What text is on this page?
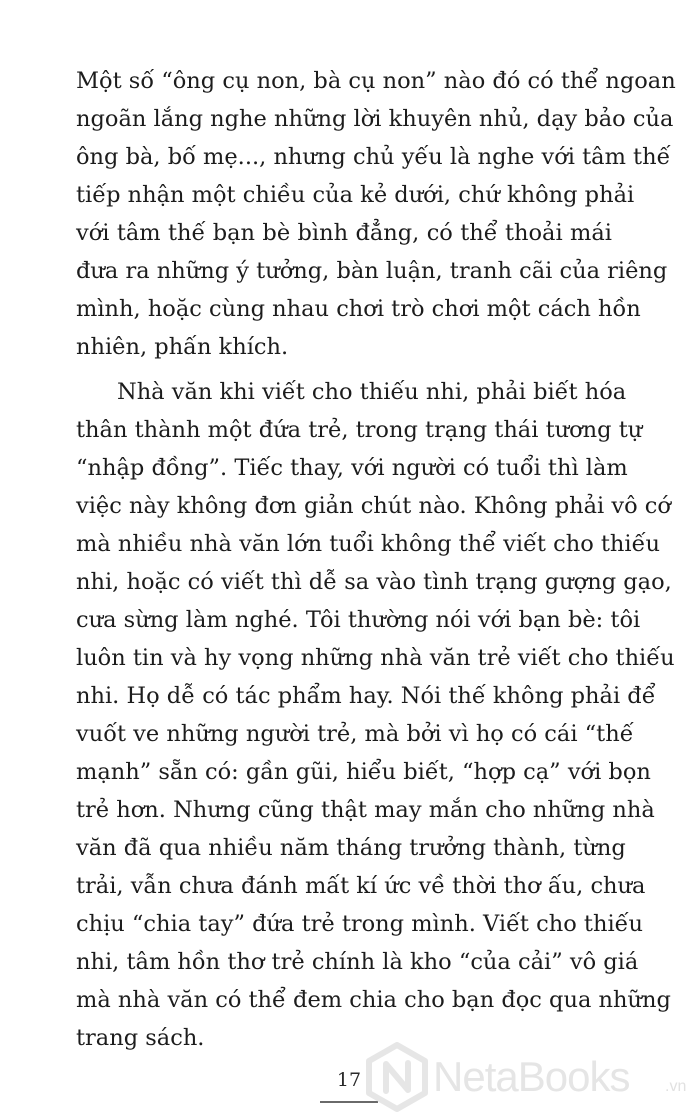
Một số “ông cụ non, bà cụ non” nào đó có thể ngoan
ngoãn lắng nghe những lời khuyên nhủ, dạy bảo của
ông bà, bố mẹ..., nhưng chủ yếu là nghe với tâm thế
tiếp nhận một chiều của kẻ dưới, chứ không phải
với tâm thế bạn bè bình đẳng, có thể thoải mái
đưa ra những ý tưởng, bàn luận, tranh cãi của riêng
mình, hoặc cùng nhau chơi trò chơi một cách hồn
nhiên, phấn khích.
Nhà văn khi viết cho thiếu nhi, phải biết hóa
thân thành một đứa trẻ, trong trạng thái tương tự
“nhập đồng”. Tiếc thay, với người có tuổi thì làm
việc này không đơn giản chút nào. Không phải vô cớ
mà nhiều nhà văn lớn tuổi không thể viết cho thiếu
nhi, hoặc có viết thì dễ sa vào tình trạng gượng gạo,
cưa sừng làm nghé. Tôi thường nói với bạn bè: tôi
luôn tin và hy vọng những nhà văn trẻ viết cho thiếu
nhi. Họ dễ có tác phẩm hay. Nói thế không phải để
vuốt ve những người trẻ, mà bởi vì họ có cái “thế
mạnh” sẵn có: gần gũi, hiểu biết, “hợp cạ” với bọn
trẻ hơn. Nhưng cũng thật may mắn cho những nhà
văn đã qua nhiều năm tháng trưởng thành, từng
trải, vẫn chưa đánh mất kí ức về thời thơ ấu, chưa
chịu “chia tay” đứa trẻ trong mình. Viết cho thiếu
nhi, tâm hồn thơ trẻ chính là kho “của cải” vô giá
mà nhà văn có thể đem chia cho bạn đọc qua những
trang sách.
17 NetaBooks .vn
